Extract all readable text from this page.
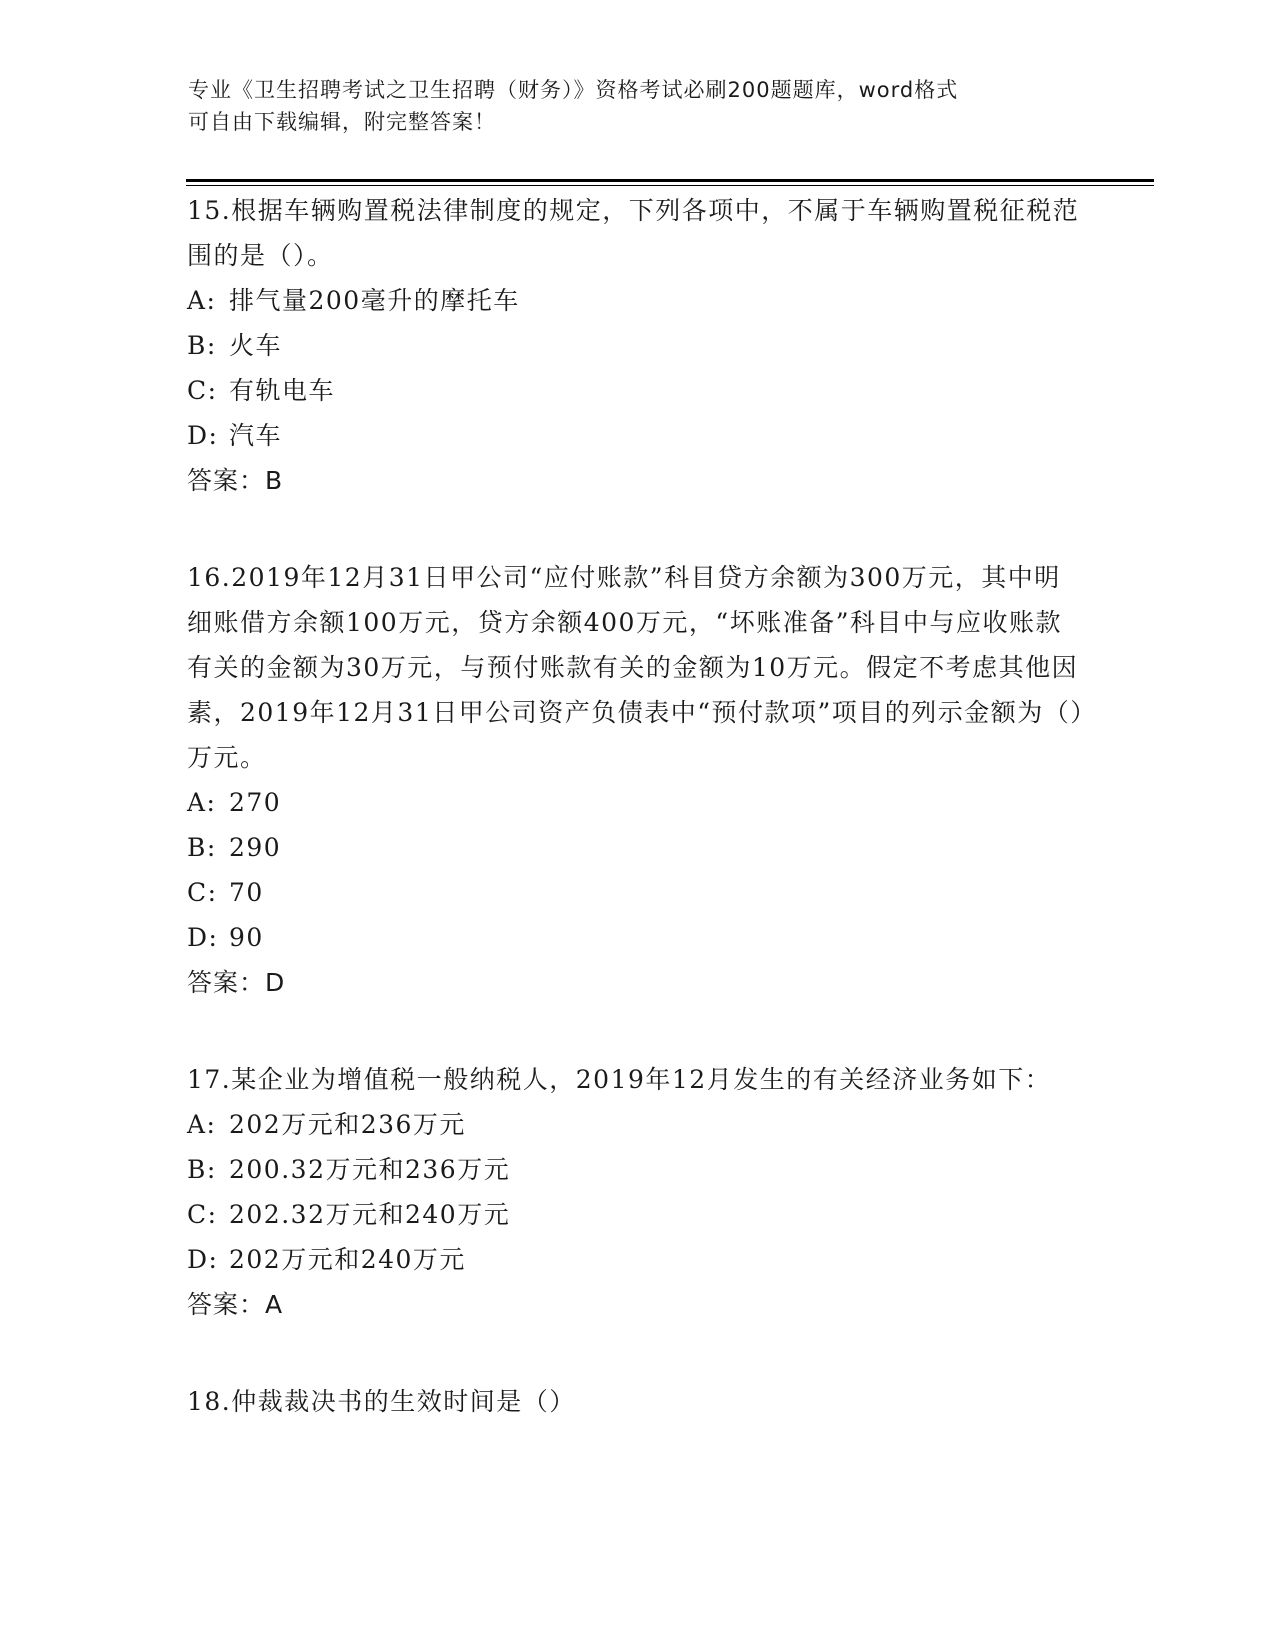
专业《卫生招聘考试之卫生招聘（财务）》资格考试必刷200题题库，word格式
可自由下载编辑，附完整答案！

15.根据车辆购置税法律制度的规定，下列各项中，不属于车辆购置税征税范围的是（）。

A: 排气量200毫升的摩托车

B: 火车

C: 有轨电车

D: 汽车

答案：B

16.2019年12月31日甲公司“应付账款”科目贷方余额为300万元，其中明细账借方余额100万元，贷方余额400万元，“坏账准备”科目中与应收账款有关的金额为30万元，与预付账款有关的金额为10万元。假定不考虑其他因素，2019年12月31日甲公司资产负债表中“预付款项”项目的列示金额为（）万元。

A: 270

B: 290

C: 70

D: 90

答案：D

17.某企业为增值税一般纳税人，2019年12月发生的有关经济业务如下：

A: 202万元和236万元

B: 200.32万元和236万元

C: 202.32万元和240万元

D: 202万元和240万元

答案：A

18.仲裁裁决书的生效时间是（）
